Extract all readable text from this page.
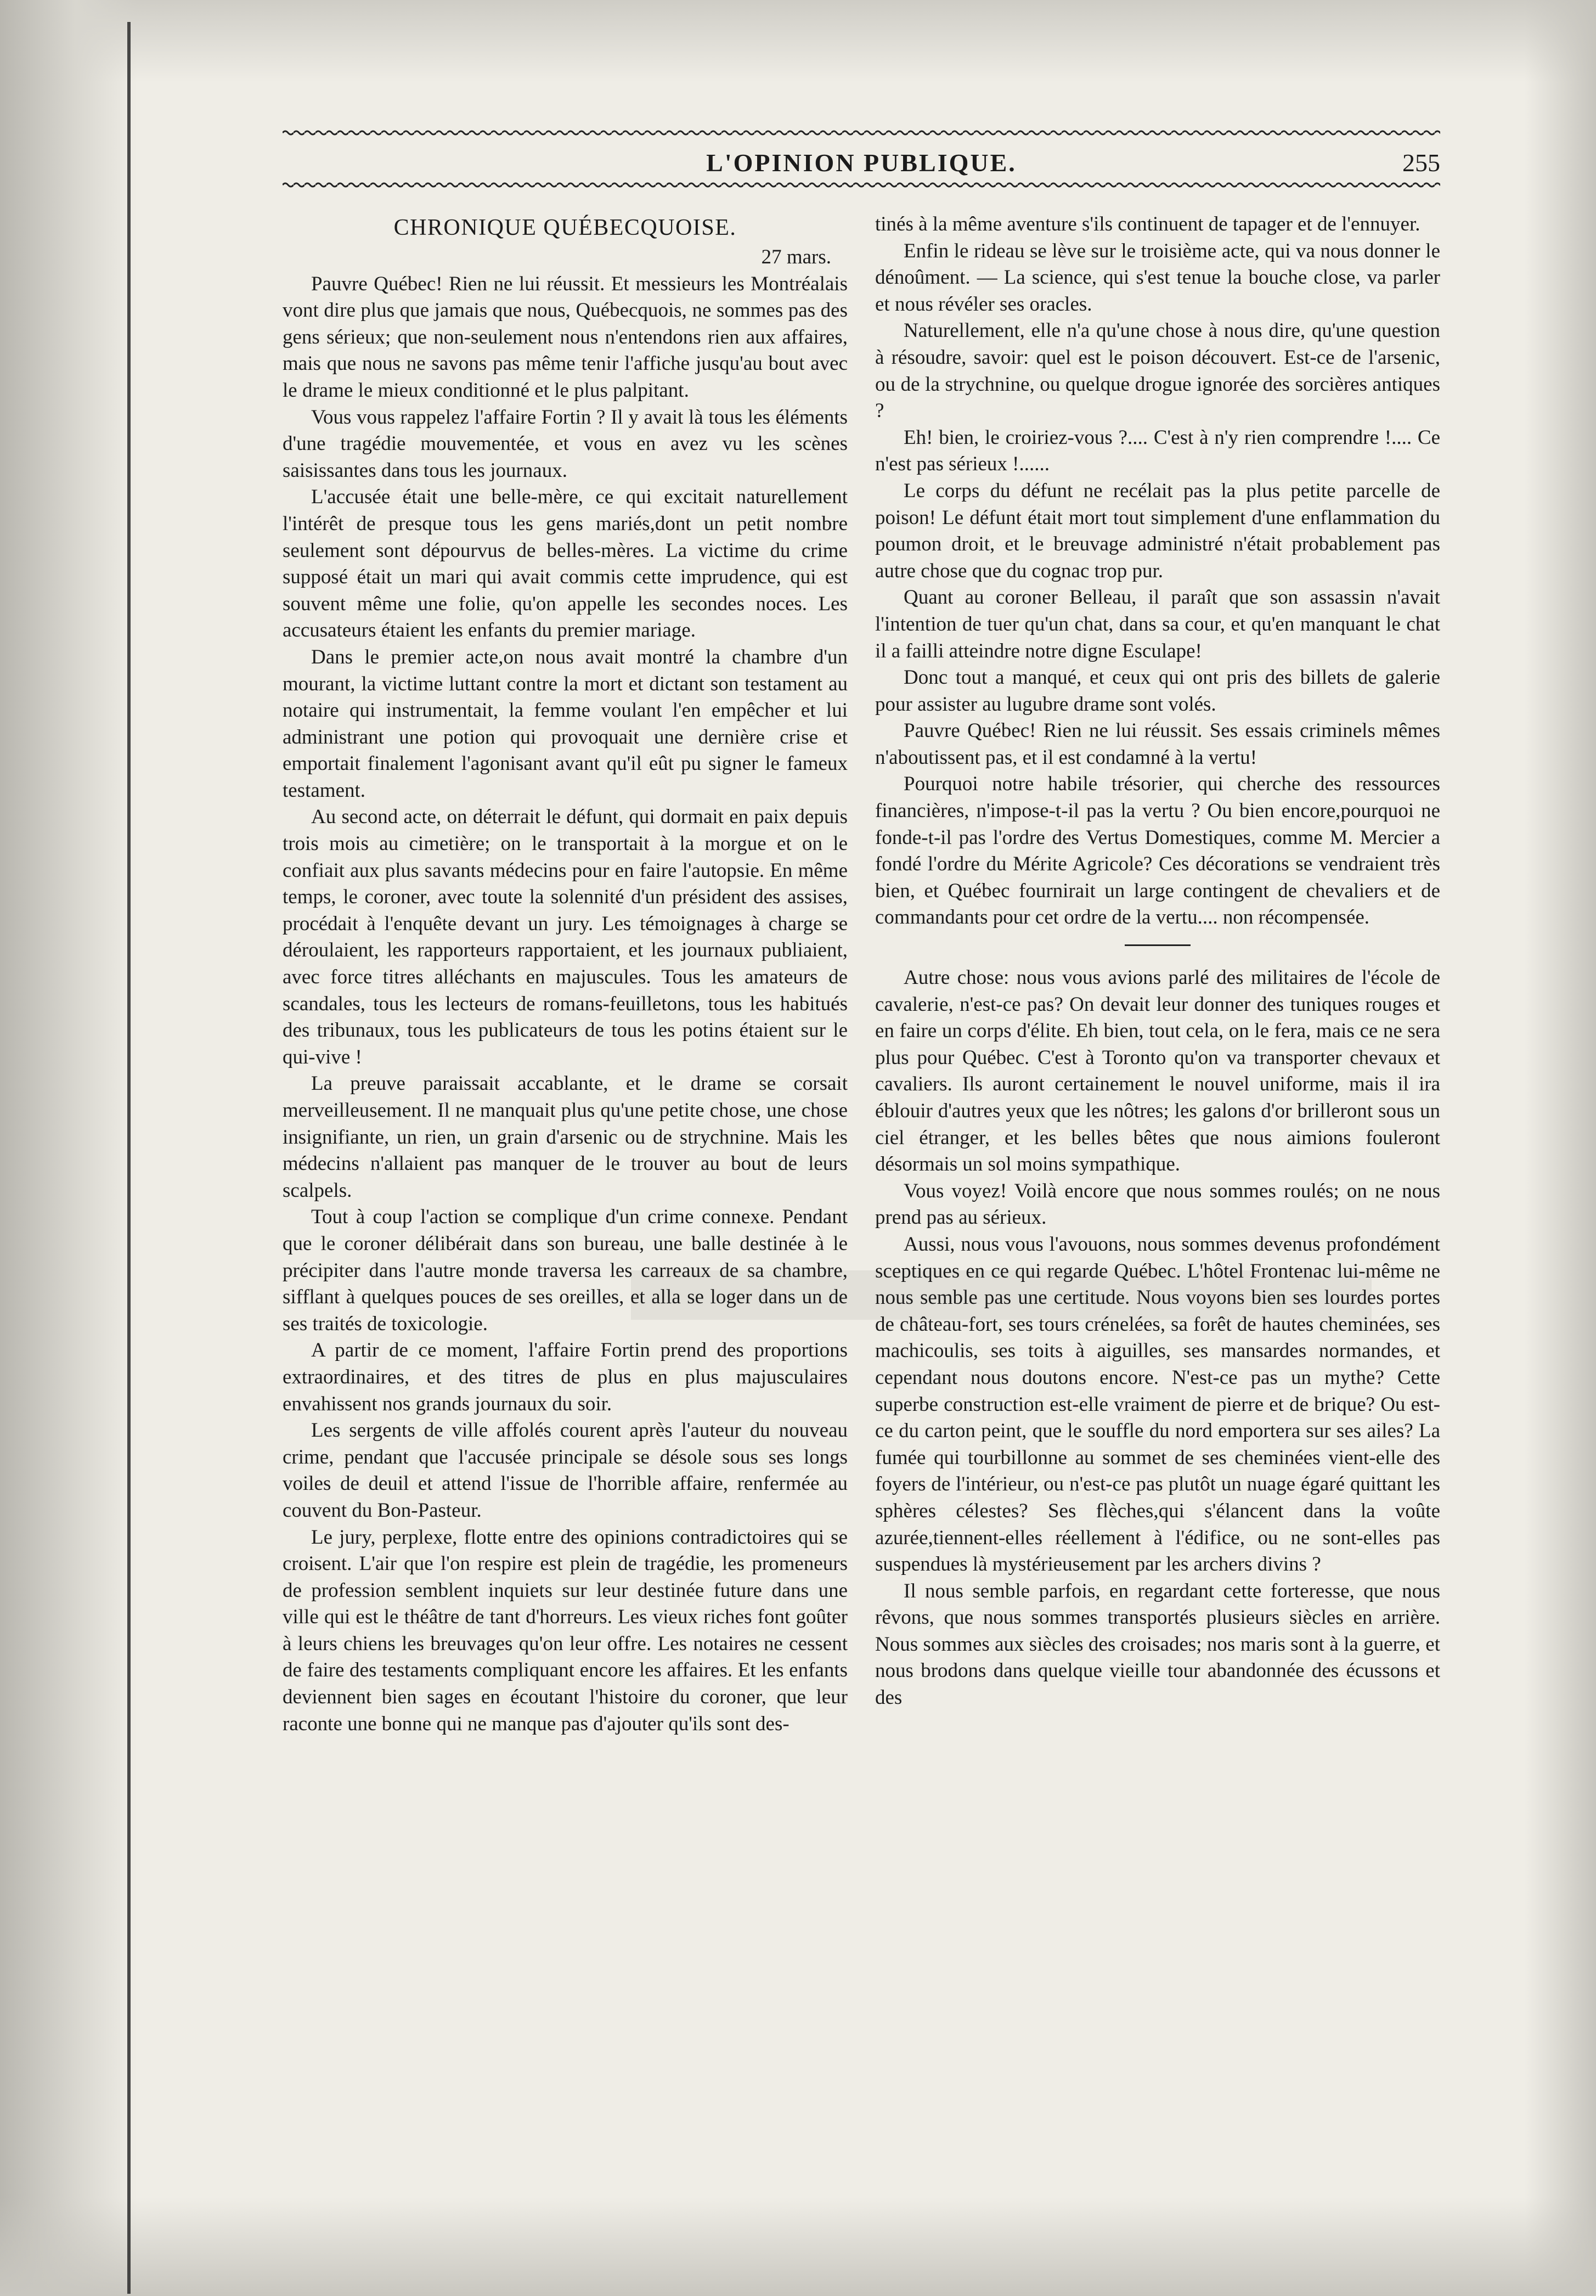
L'OPINION PUBLIQUE.	255
CHRONIQUE QUÉBECQUOISE.

27 mars.

Pauvre Québec! Rien ne lui réussit. Et messieurs les Montréalais vont dire plus que jamais que nous, Québecquois, ne sommes pas des gens sérieux; que non-seulement nous n'entendons rien aux affaires, mais que nous ne savons pas même tenir l'affiche jusqu'au bout avec le drame le mieux conditionné et le plus palpitant.

Vous vous rappelez l'affaire Fortin ? Il y avait là tous les éléments d'une tragédie mouvementée, et vous en avez vu les scènes saisissantes dans tous les journaux.

L'accusée était une belle-mère, ce qui excitait naturellement l'intérêt de presque tous les gens mariés,dont un petit nombre seulement sont dépourvus de belles-mères. La victime du crime supposé était un mari qui avait commis cette imprudence, qui est souvent même une folie, qu'on appelle les secondes noces. Les accusateurs étaient les enfants du premier mariage.

Dans le premier acte,on nous avait montré la chambre d'un mourant, la victime luttant contre la mort et dictant son testament au notaire qui instrumentait, la femme voulant l'en empêcher et lui administrant une potion qui provoquait une dernière crise et emportait finalement l'agonisant avant qu'il eût pu signer le fameux testament.

Au second acte, on déterrait le défunt, qui dormait en paix depuis trois mois au cimetière; on le transportait à la morgue et on le confiait aux plus savants médecins pour en faire l'autopsie. En même temps, le coroner, avec toute la solennité d'un président des assises, procédait à l'enquête devant un jury. Les témoignages à charge se déroulaient, les rapporteurs rapportaient, et les journaux publiaient, avec force titres alléchants en majuscules. Tous les amateurs de scandales, tous les lecteurs de romans-feuilletons, tous les habitués des tribunaux, tous les publicateurs de tous les potins étaient sur le qui-vive !

La preuve paraissait accablante, et le drame se corsait merveilleusement. Il ne manquait plus qu'une petite chose, une chose insignifiante, un rien, un grain d'arsenic ou de strychnine. Mais les médecins n'allaient pas manquer de le trouver au bout de leurs scalpels.

Tout à coup l'action se complique d'un crime connexe. Pendant que le coroner délibérait dans son bureau, une balle destinée à le précipiter dans l'autre monde traversa les carreaux de sa chambre, sifflant à quelques pouces de ses oreilles, et alla se loger dans un de ses traités de toxicologie.

A partir de ce moment, l'affaire Fortin prend des proportions extraordinaires, et des titres de plus en plus majusculaires envahissent nos grands journaux du soir.

Les sergents de ville affolés courent après l'auteur du nouveau crime, pendant que l'accusée principale se désole sous ses longs voiles de deuil et attend l'issue de l'horrible affaire, renfermée au couvent du Bon-Pasteur.

Le jury, perplexe, flotte entre des opinions contradictoires qui se croisent. L'air que l'on respire est plein de tragédie, les promeneurs de profession semblent inquiets sur leur destinée future dans une ville qui est le théâtre de tant d'horreurs. Les vieux riches font goûter à leurs chiens les breuvages qu'on leur offre. Les notaires ne cessent de faire des testaments compliquant encore les affaires. Et les enfants deviennent bien sages en écoutant l'histoire du coroner, que leur raconte une bonne qui ne manque pas d'ajouter qu'ils sont des-

tinés à la même aventure s'ils continuent de tapager et de l'ennuyer.

Enfin le rideau se lève sur le troisième acte, qui va nous donner le dénoûment. — La science, qui s'est tenue la bouche close, va parler et nous révéler ses oracles.

Naturellement, elle n'a qu'une chose à nous dire, qu'une question à résoudre, savoir: quel est le poison découvert. Est-ce de l'arsenic, ou de la strychnine, ou quelque drogue ignorée des sorcières antiques ?

Eh! bien, le croiriez-vous ?.... C'est à n'y rien comprendre !.... Ce n'est pas sérieux !......

Le corps du défunt ne recélait pas la plus petite parcelle de poison! Le défunt était mort tout simplement d'une enflammation du poumon droit, et le breuvage administré n'était probablement pas autre chose que du cognac trop pur.

Quant au coroner Belleau, il paraît que son assassin n'avait l'intention de tuer qu'un chat, dans sa cour, et qu'en manquant le chat il a failli atteindre notre digne Esculape!

Donc tout a manqué, et ceux qui ont pris des billets de galerie pour assister au lugubre drame sont volés.

Pauvre Québec! Rien ne lui réussit. Ses essais criminels mêmes n'aboutissent pas, et il est condamné à la vertu!

Pourquoi notre habile trésorier, qui cherche des ressources financières, n'impose-t-il pas la vertu ? Ou bien encore,pourquoi ne fonde-t-il pas l'ordre des Vertus Domestiques, comme M. Mercier a fondé l'ordre du Mérite Agricole? Ces décorations se vendraient très bien, et Québec fournirait un large contingent de chevaliers et de commandants pour cet ordre de la vertu.... non récompensée.

Autre chose: nous vous avions parlé des militaires de l'école de cavalerie, n'est-ce pas? On devait leur donner des tuniques rouges et en faire un corps d'élite. Eh bien, tout cela, on le fera, mais ce ne sera plus pour Québec. C'est à Toronto qu'on va transporter chevaux et cavaliers. Ils auront certainement le nouvel uniforme, mais il ira éblouir d'autres yeux que les nôtres; les galons d'or brilleront sous un ciel étranger, et les belles bêtes que nous aimions fouleront désormais un sol moins sympathique.

Vous voyez! Voilà encore que nous sommes roulés; on ne nous prend pas au sérieux.

Aussi, nous vous l'avouons, nous sommes devenus profondément sceptiques en ce qui regarde Québec. L'hôtel Frontenac lui-même ne nous semble pas une certitude. Nous voyons bien ses lourdes portes de château-fort, ses tours crénelées, sa forêt de hautes cheminées, ses machicoulis, ses toits à aiguilles, ses mansardes normandes, et cependant nous doutons encore. N'est-ce pas un mythe? Cette superbe construction est-elle vraiment de pierre et de brique? Ou est-ce du carton peint, que le souffle du nord emportera sur ses ailes? La fumée qui tourbillonne au sommet de ses cheminées vient-elle des foyers de l'intérieur, ou n'est-ce pas plutôt un nuage égaré quittant les sphères célestes? Ses flèches,qui s'élancent dans la voûte azurée,tiennent-elles réellement à l'édifice, ou ne sont-elles pas suspendues là mystérieusement par les archers divins ?

Il nous semble parfois, en regardant cette forteresse, que nous rêvons, que nous sommes transportés plusieurs siècles en arrière. Nous sommes aux siècles des croisades; nos maris sont à la guerre, et nous brodons dans quelque vieille tour abandonnée des écussons et des
